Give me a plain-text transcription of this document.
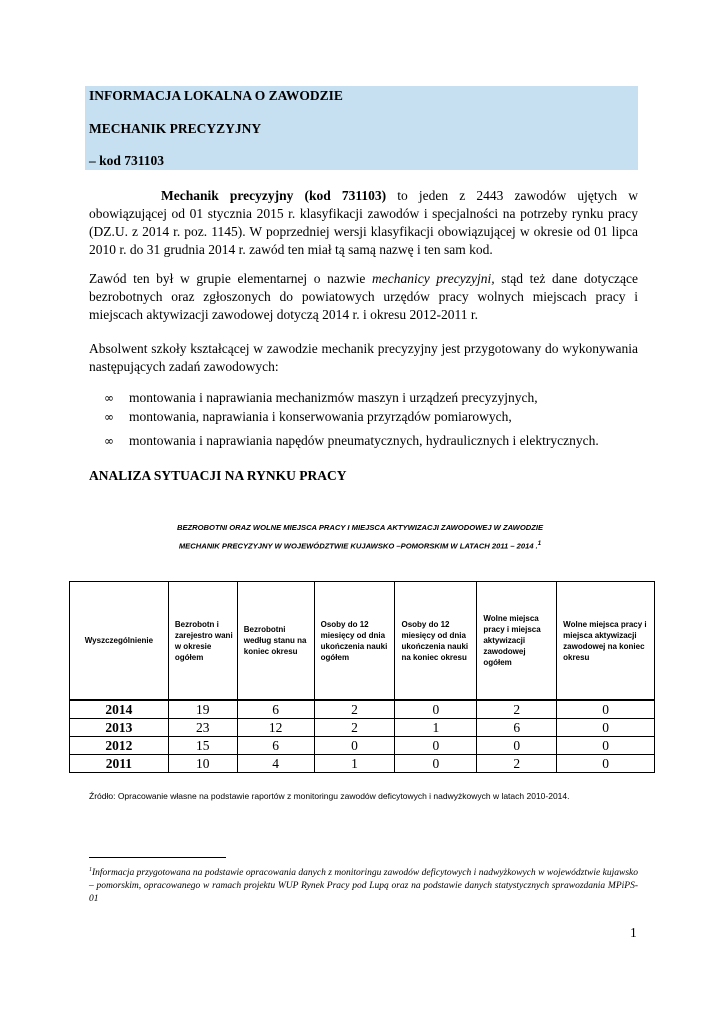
INFORMACJA LOKALNA O ZAWODZIE
MECHANIK PRECYZYJNY
– kod 731103
Mechanik precyzyjny (kod 731103) to jeden z 2443 zawodów ujętych w obowiązującej od 01 stycznia 2015 r. klasyfikacji zawodów i specjalności na potrzeby rynku pracy (DZ.U. z 2014 r. poz. 1145). W poprzedniej wersji klasyfikacji obowiązującej w okresie od 01 lipca 2010 r. do 31 grudnia 2014 r. zawód ten miał tą samą nazwę i ten sam kod.
Zawód ten był w grupie elementarnej o nazwie mechanicy precyzyjni, stąd też dane dotyczące bezrobotnych oraz zgłoszonych do powiatowych urzędów pracy wolnych miejscach pracy i miejscach aktywizacji zawodowej dotyczą 2014 r. i okresu 2012-2011 r.
Absolwent szkoły kształcącej w zawodzie mechanik precyzyjny jest przygotowany do wykonywania następujących zadań zawodowych:
∞ montowania i naprawiania mechanizmów maszyn i urządzeń precyzyjnych,
∞ montowania, naprawiania i konserwowania przyrządów pomiarowych,
∞ montowania i naprawiania napędów pneumatycznych, hydraulicznych i elektrycznych.
ANALIZA SYTUACJI NA RYNKU PRACY
BEZROBOTNI ORAZ WOLNE MIEJSCA PRACY I MIEJSCA AKTYWIZACJI ZAWODOWEJ W ZAWODZIE
MECHANIK PRECYZYJNY W WOJEWÓDZTWIE KUJAWSKO –POMORSKIM W LATACH 2011 – 2014 .$^1$
Wyszczególnienie	Bezrobotn i zarejestro wani w okresie ogółem	Bezrobotni według stanu na koniec okresu	Osoby do 12 miesięcy od dnia ukończenia nauki ogółem	Osoby do 12 miesięcy od dnia ukończenia nauki na koniec okresu	Wolne miejsca pracy i miejsca aktywizacji zawodowej ogółem	Wolne miejsca pracy i miejsca aktywizacji zawodowej na koniec okresu
2014	19	6	2	0	2	0
2013	23	12	2	1	6	0
2012	15	6	0	0	0	0
2011	10	4	1	0	2	0
Źródło: Opracowanie własne na podstawie raportów z monitoringu zawodów deficytowych i nadwyżkowych w latach 2010-2014.
$^1$Informacja przygotowana na podstawie opracowania danych z monitoringu zawodów deficytowych i nadwyżkowych w województwie kujawsko – pomorskim, opracowanego w ramach projektu WUP Rynek Pracy pod Lupą oraz na podstawie danych statystycznych sprawozdania MPiPS-01
1
